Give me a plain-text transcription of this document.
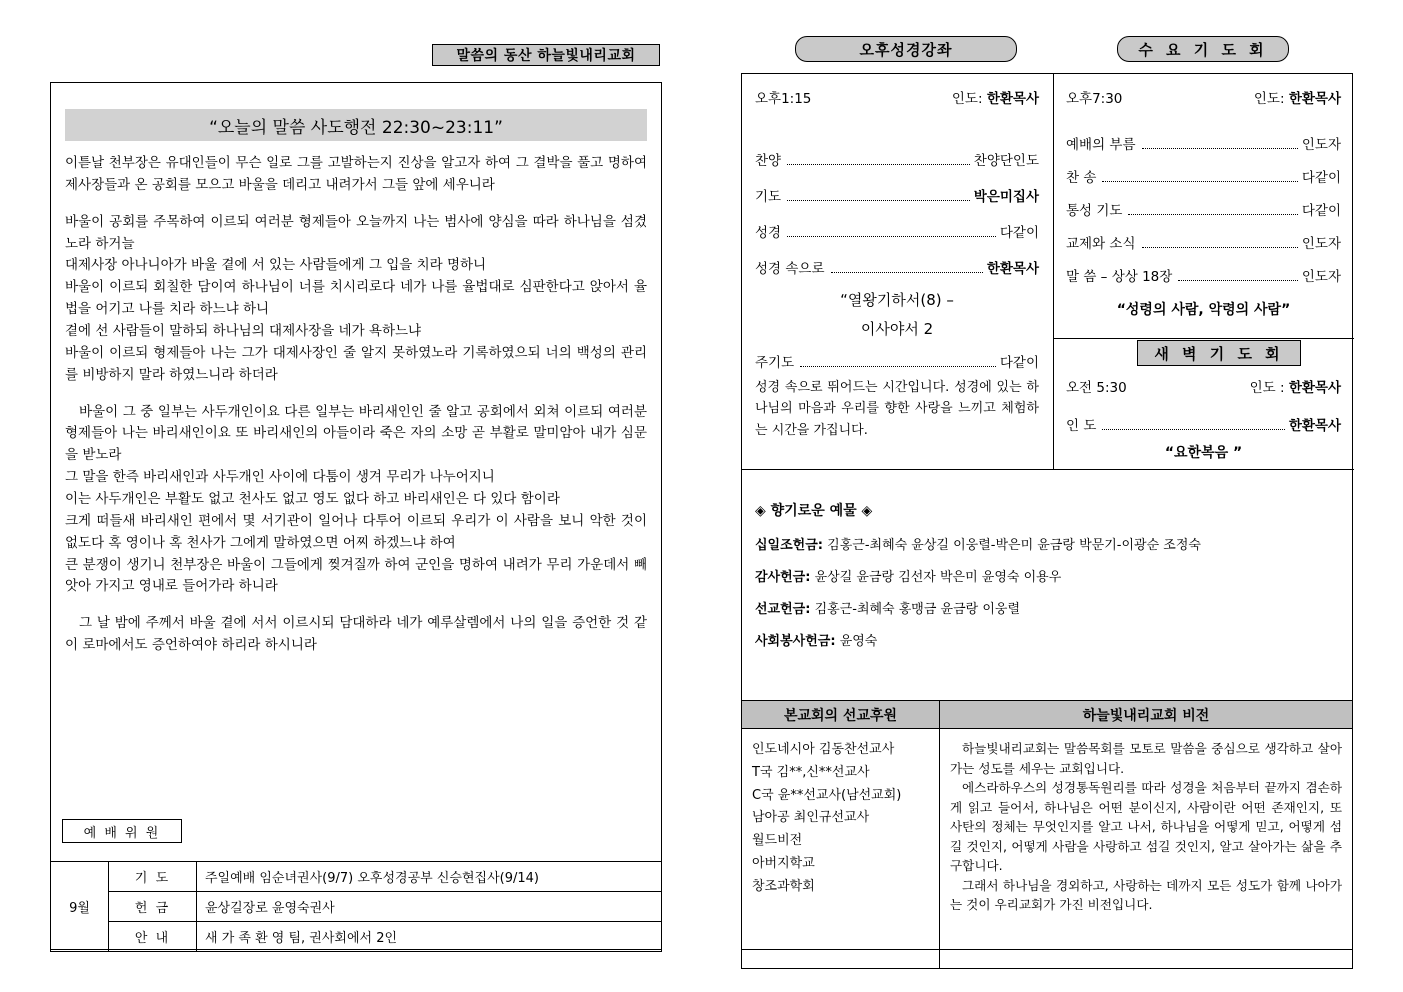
말씀의 동산 하늘빛내리교회
“오늘의 말씀 사도행전 22:30~23:11”

이튿날 천부장은 유대인들이 무슨 일로 그를 고발하는지 진상을 알고자 하여 그 결박을 풀고 명하여 제사장들과 온 공회를 모으고 바울을 데리고 내려가서 그들 앞에 세우니라

바울이 공회를 주목하여 이르되 여러분 형제들아 오늘까지 나는 범사에 양심을 따라 하나님을 섬겼노라 하거늘

대제사장 아나니아가 바울 곁에 서 있는 사람들에게 그 입을 치라 명하니

바울이 이르되 회칠한 담이여 하나님이 너를 치시리로다 네가 나를 율법대로 심판한다고 앉아서 율법을 어기고 나를 치라 하느냐 하니

곁에 선 사람들이 말하되 하나님의 대제사장을 네가 욕하느냐

바울이 이르되 형제들아 나는 그가 대제사장인 줄 알지 못하였노라 기록하였으되 너의 백성의 관리를 비방하지 말라 하였느니라 하더라

바울이 그 중 일부는 사두개인이요 다른 일부는 바리새인인 줄 알고 공회에서 외쳐 이르되 여러분 형제들아 나는 바리새인이요 또 바리새인의 아들이라 죽은 자의 소망 곧 부활로 말미암아 내가 심문을 받노라

그 말을 한즉 바리새인과 사두개인 사이에 다툼이 생겨 무리가 나누어지니

이는 사두개인은 부활도 없고 천사도 없고 영도 없다 하고 바리새인은 다 있다 함이라

크게 떠들새 바리새인 편에서 몇 서기관이 일어나 다투어 이르되 우리가 이 사람을 보니 악한 것이 없도다 혹 영이나 혹 천사가 그에게 말하였으면 어찌 하겠느냐 하여

큰 분쟁이 생기니 천부장은 바울이 그들에게 찢겨질까 하여 군인을 명하여 내려가 무리 가운데서 빼앗아 가지고 영내로 들어가라 하니라

그 날 밤에 주께서 바울 곁에 서서 이르시되 담대하라 네가 예루살렘에서 나의 일을 증언한 것 같이 로마에서도 증언하여야 하리라 하시니라

예 배 위 원
9월	기 도	주일예배 임순녀권사(9/7) 오후성경공부 신승현집사(9/14)
	헌 금	윤상길장로 윤영숙권사
	안 내	새 가 족 환 영 팀, 권사회에서 2인
오후성경강좌	수 요 기 도 회
오후1:15	인도: 한환목사
찬양	찬양단인도
기도	박은미집사
성경	다같이
성경 속으로	한환목사
“열왕기하서(8) –
이사야서 2
주기도	다같이
성경 속으로 뛰어드는 시간입니다. 성경에 있는 하나님의 마음과 우리를 향한 사랑을 느끼고 체험하는 시간을 가집니다.
오후7:30	인도: 한환목사
예배의 부름	인도자
찬 송	다같이
통성 기도	다같이
교제와 소식	인도자
말 씀 – 상상 18장	인도자
“성령의 사람, 악령의 사람”
새 벽 기 도 회
오전 5:30	인도 : 한환목사
인 도	한환목사
“요한복음 ”
◈ 향기로운 예물 ◈
십일조헌금: 김홍근-최혜숙 윤상길 이웅렬-박은미 윤금랑 박문기-이광순 조정숙
감사헌금: 윤상길 윤금랑 김선자 박은미 윤영숙 이용우
선교헌금: 김홍근-최혜숙 홍맹금 윤금랑 이웅렬
사회봉사헌금: 윤영숙
본교회의 선교후원	하늘빛내리교회 비전

인도네시아 김동찬선교사
T국 김**,신**선교사
C국 윤**선교사(남선교회)
남아공 최인규선교사
월드비전
아버지학교
창조과학회

하늘빛내리교회는 말씀목회를 모토로 말씀을 중심으로 생각하고 살아가는 성도를 세우는 교회입니다.

에스라하우스의 성경통독원리를 따라 성경을 처음부터 끝까지 겸손하게 읽고 들어서, 하나님은 어떤 분이신지, 사람이란 어떤 존재인지, 또 사탄의 정체는 무엇인지를 알고 나서, 하나님을 어떻게 믿고, 어떻게 섬길 것인지, 어떻게 사람을 사랑하고 섬길 것인지, 알고 살아가는 삶을 추구합니다.

그래서 하나님을 경외하고, 사랑하는 데까지 모든 성도가 함께 나아가는 것이 우리교회가 가진 비전입니다.
